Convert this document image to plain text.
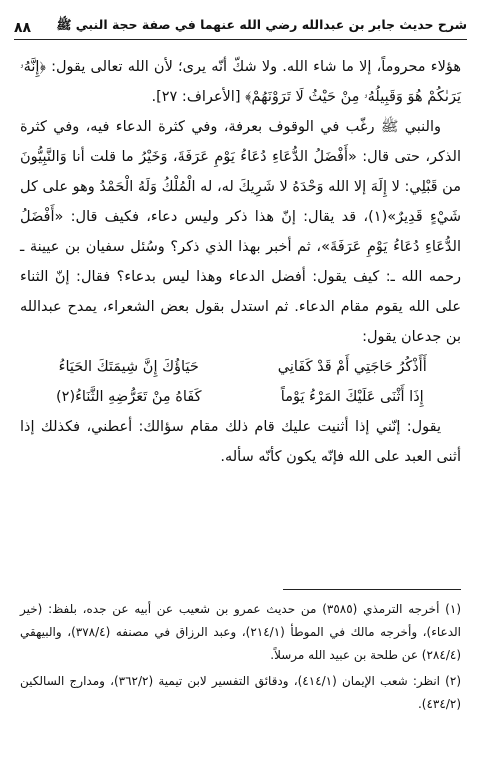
شرح حديث جابر بن عبدالله رضي الله عنهما في صفة حجة النبي ﷺ
٨٨

هؤلاء محروماً، إلا ما شاء الله. ولا شكّ أنّه يرى؛ لأن الله تعالى يقول: ﴿إِنَّهُۥ يَرَىٰكُمْ هُوَ وَقَبِيلُهُۥ مِنْ حَيْثُ لَا تَرَوْنَهُمْ﴾ [الأعراف: ٢٧].

والنبي ﷺ رغّب في الوقوف بعرفة، وفي كثرة الدعاء فيه، وفي كثرة الذكر، حتى قال: «أَفْضَلُ الدُّعَاءِ دُعَاءُ يَوْمِ عَرَفَةَ، وَخَيْرُ ما قلت أنا وَالنَّبِيُّونَ من قَبْلِي: لا إِلَهَ إلا الله وَحْدَهُ لا شَرِيكَ له، له الْمُلْكُ وَلَهُ الْحَمْدُ وهو على كل شَيْءٍ قَدِيرٌ»(١)، قد يقال: إنّ هذا ذكر وليس دعاء، فكيف قال: «أَفْضَلُ الدُّعَاءِ دُعَاءُ يَوْمِ عَرَفَةَ»، ثم أخبر بهذا الذي ذكر؟ وسُئل سفيان بن عيينة ـ رحمه الله ـ: كيف يقول: أفضل الدعاء وهذا ليس بدعاء؟ فقال: إنّ الثناء على الله يقوم مقام الدعاء. ثم استدل بقول بعض الشعراء، يمدح عبدالله بن جدعان يقول:

أَأَذْكُرُ حَاجَتِي أَمْ قَدْ كَفَانِي
حَيَاؤُكَ إِنَّ شِيمَتَكَ الحَيَاءُ
إِذَا أَثْنَى عَلَيْكَ المَرْءُ يَوْماً
كَفَاهُ مِنْ تَعَرُّضِهِ الثَّنَاءُ(٢)

يقول: إنّني إذا أثنيت عليك قام ذلك مقام سؤالك: أعطني، فكذلك إذا أثنى العبد على الله فإنّه يكون كأنّه سأله.

(١) أخرجه الترمذي (٣٥٨٥) من حديث عمرو بن شعيب عن أبيه عن جده، بلفظ: (خير الدعاء)، وأخرجه مالك في الموطأ (٢١٤/١)، وعبد الرزاق في مصنفه (٣٧٨/٤)، والبيهقي (٢٨٤/٤) عن طلحة بن عبيد الله مرسلاً.

(٢) انظر: شعب الإيمان (٤١٤/١)، ودقائق التفسير لابن تيمية (٣٦٢/٢)، ومدارج السالكين (٤٣٤/٢).
